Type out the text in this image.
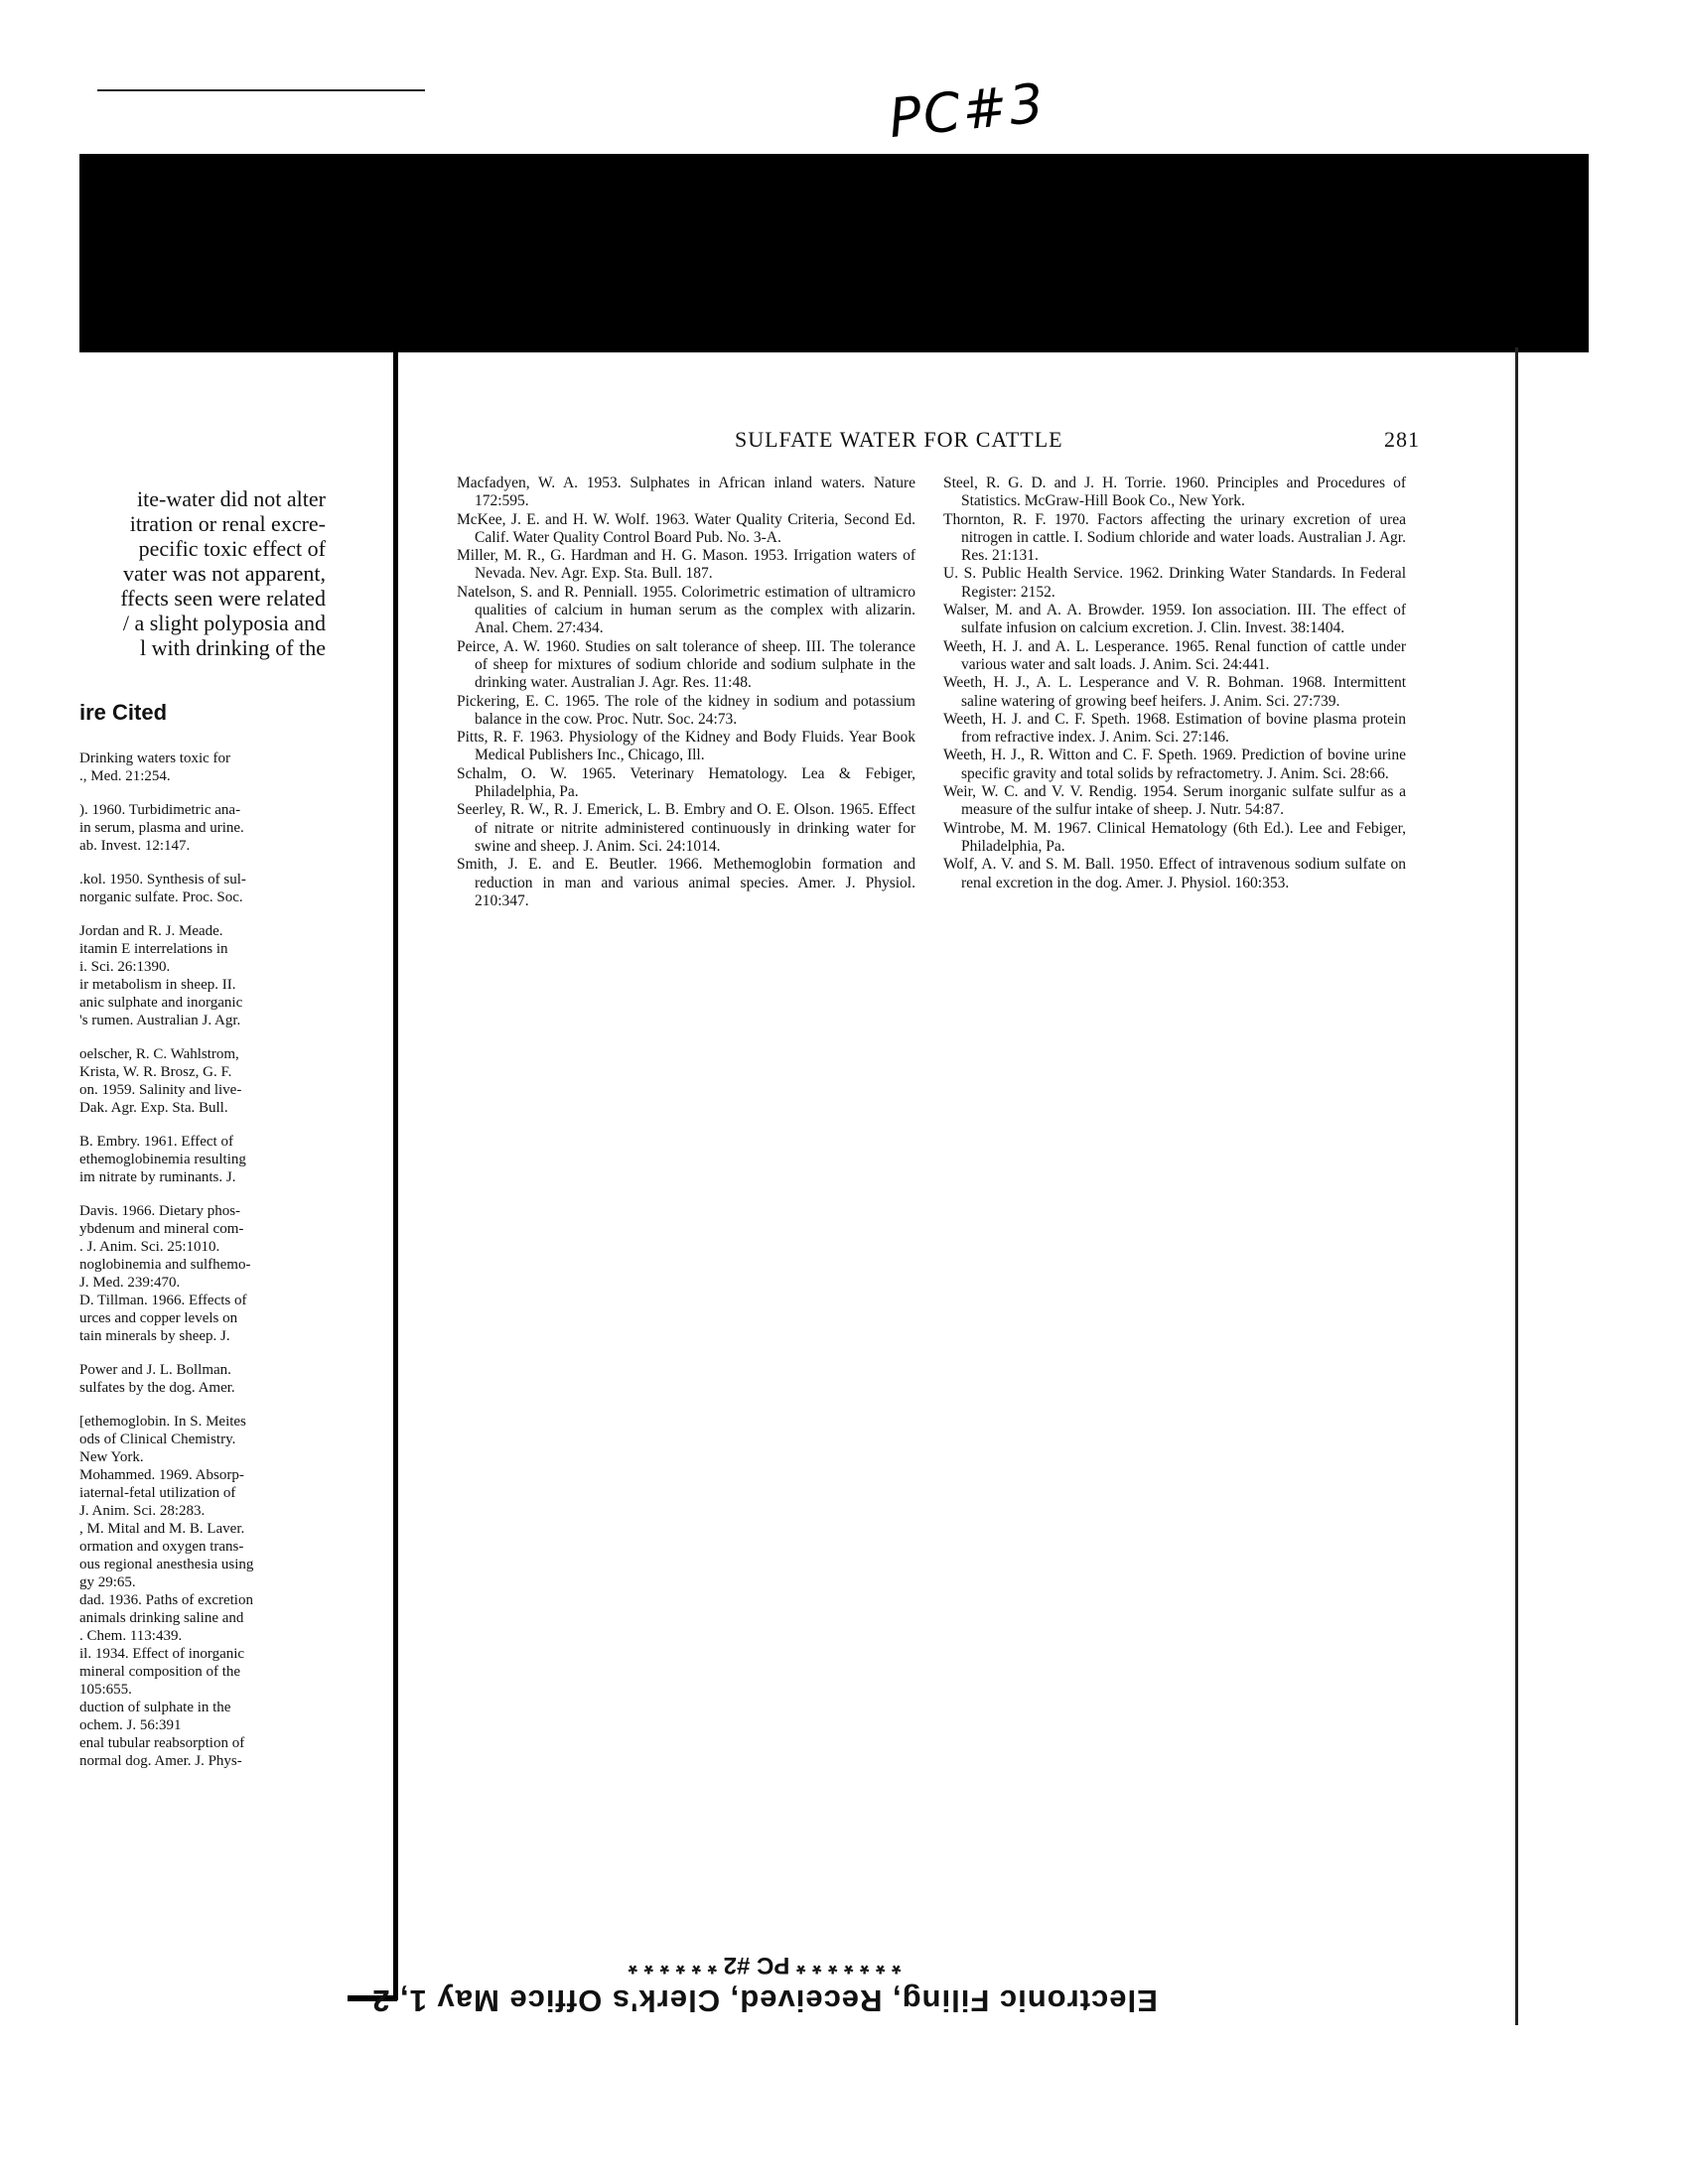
PC#3
ite-water did not alter
itration or renal excre-
pecific toxic effect of
vater was not apparent,
ffects seen were related
/ a slight polyposia and
l with drinking of the
ire Cited
Drinking waters toxic for
., Med. 21:254.
). 1960. Turbidimetric ana-
in serum, plasma and urine.
ab. Invest. 12:147.
.kol. 1950. Synthesis of sul-
norganic sulfate. Proc. Soc.
Jordan and R. J. Meade.
itamin E interrelations in
i. Sci. 26:1390.
ir metabolism in sheep. II.
anic sulphate and inorganic
's rumen. Australian J. Agr.
oelscher, R. C. Wahlstrom,
Krista, W. R. Brosz, G. F.
on. 1959. Salinity and live-
Dak. Agr. Exp. Sta. Bull.
B. Embry. 1961. Effect of
ethemoglobinemia resulting
im nitrate by ruminants. J.
Davis. 1966. Dietary phos-
ybdenum and mineral com-
. J. Anim. Sci. 25:1010.
noglobinemia and sulfhemo-
J. Med. 239:470.
D. Tillman. 1966. Effects of
urces and copper levels on
tain minerals by sheep. J.
Power and J. L. Bollman.
sulfates by the dog. Amer.
[ethemoglobin. In S. Meites
ods of Clinical Chemistry.
New York.
Mohammed. 1969. Absorp-
iaternal-fetal utilization of
J. Anim. Sci. 28:283.
, M. Mital and M. B. Laver.
ormation and oxygen trans-
ous regional anesthesia using
gy 29:65.
dad. 1936. Paths of excretion
animals drinking saline and
. Chem. 113:439.
il. 1934. Effect of inorganic
mineral composition of the
105:655.
duction of sulphate in the
ochem. J. 56:391
enal tubular reabsorption of
normal dog. Amer. J. Phys-
SULFATE WATER FOR CATTLE	281

Macfadyen, W. A. 1953. Sulphates in African inland waters. Nature 172:595.

McKee, J. E. and H. W. Wolf. 1963. Water Quality Criteria, Second Ed. Calif. Water Quality Control Board Pub. No. 3-A.

Miller, M. R., G. Hardman and H. G. Mason. 1953. Irrigation waters of Nevada. Nev. Agr. Exp. Sta. Bull. 187.

Natelson, S. and R. Penniall. 1955. Colorimetric estimation of ultramicro qualities of calcium in human serum as the complex with alizarin. Anal. Chem. 27:434.

Peirce, A. W. 1960. Studies on salt tolerance of sheep. III. The tolerance of sheep for mixtures of sodium chloride and sodium sulphate in the drinking water. Australian J. Agr. Res. 11:48.

Pickering, E. C. 1965. The role of the kidney in sodium and potassium balance in the cow. Proc. Nutr. Soc. 24:73.

Pitts, R. F. 1963. Physiology of the Kidney and Body Fluids. Year Book Medical Publishers Inc., Chicago, Ill.

Schalm, O. W. 1965. Veterinary Hematology. Lea & Febiger, Philadelphia, Pa.

Seerley, R. W., R. J. Emerick, L. B. Embry and O. E. Olson. 1965. Effect of nitrate or nitrite administered continuously in drinking water for swine and sheep. J. Anim. Sci. 24:1014.

Smith, J. E. and E. Beutler. 1966. Methemoglobin formation and reduction in man and various animal species. Amer. J. Physiol. 210:347.

Steel, R. G. D. and J. H. Torrie. 1960. Principles and Procedures of Statistics. McGraw-Hill Book Co., New York.

Thornton, R. F. 1970. Factors affecting the urinary excretion of urea nitrogen in cattle. I. Sodium chloride and water loads. Australian J. Agr. Res. 21:131.

U. S. Public Health Service. 1962. Drinking Water Standards. In Federal Register: 2152.

Walser, M. and A. A. Browder. 1959. Ion association. III. The effect of sulfate infusion on calcium excretion. J. Clin. Invest. 38:1404.

Weeth, H. J. and A. L. Lesperance. 1965. Renal function of cattle under various water and salt loads. J. Anim. Sci. 24:441.

Weeth, H. J., A. L. Lesperance and V. R. Bohman. 1968. Intermittent saline watering of growing beef heifers. J. Anim. Sci. 27:739.

Weeth, H. J. and C. F. Speth. 1968. Estimation of bovine plasma protein from refractive index. J. Anim. Sci. 27:146.

Weeth, H. J., R. Witton and C. F. Speth. 1969. Prediction of bovine urine specific gravity and total solids by refractometry. J. Anim. Sci. 28:66.

Weir, W. C. and V. V. Rendig. 1954. Serum inorganic sulfate sulfur as a measure of the sulfur intake of sheep. J. Nutr. 54:87.

Wintrobe, M. M. 1967. Clinical Hematology (6th Ed.). Lee and Febiger, Philadelphia, Pa.

Wolf, A. V. and S. M. Ball. 1950. Effect of intravenous sodium sulfate on renal excretion in the dog. Amer. J. Physiol. 160:353.

Electronic Filing, Received, Clerk's Office May 1, 2
* * * * * * * PC #2 * * * * * *
